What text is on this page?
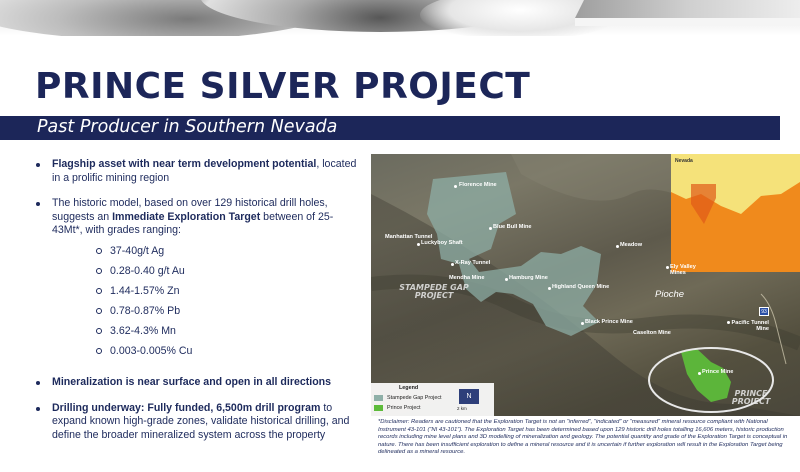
PRINCE SILVER PROJECT
Past Producer in Southern Nevada
Flagship asset with near term development potential, located in a prolific mining region
The historic model, based on over 129 historical drill holes, suggests an Immediate Exploration Target between of 25-43Mt*, with grades ranging:
37-40g/t Ag
0.28-0.40 g/t Au
1.44-1.57% Zn
0.78-0.87% Pb
3.62-4.3% Mn
0.003-0.005% Cu
Mineralization is near surface and open in all directions
Drilling underway: Fully funded, 6,500m drill program to expand known high-grade zones, validate historical drilling, and define the broader mineralized system across the property
Nevada
Florence Mine
Blue Bull Mine
Manhattan Tunnel
Luckyboy Shaft
X-Ray Tunnel
Mendha Mine	Hamburg Mine
Highland Queen Mine
Meadow
Ely Valley Mines
Black Prince Mine
Caselton Mine
Pacific Tunnel Mine
Prince Mine
Pioche
93
STAMPEDE GAP PROJECT
PRINCE PROJECT
Legend
Stampede Gap Project
Prince Project
N
2 km
*Disclaimer: Readers are cautioned that the Exploration Target is not an “inferred”, “indicated” or “measured” mineral resource compliant with National Instrument 43-101 (“NI 43-101”). The Exploration Target has been determined based upon 129 historic drill holes totalling 16,606 meters, historic production records including mine level plans and 3D modelling of mineralization and geology. The potential quantity and grade of the Exploration Target is conceptual in nature. There has been insufficient exploration to define a mineral resource and it is uncertain if further exploration will result in the Exploration Target being delineated as a mineral resource.
